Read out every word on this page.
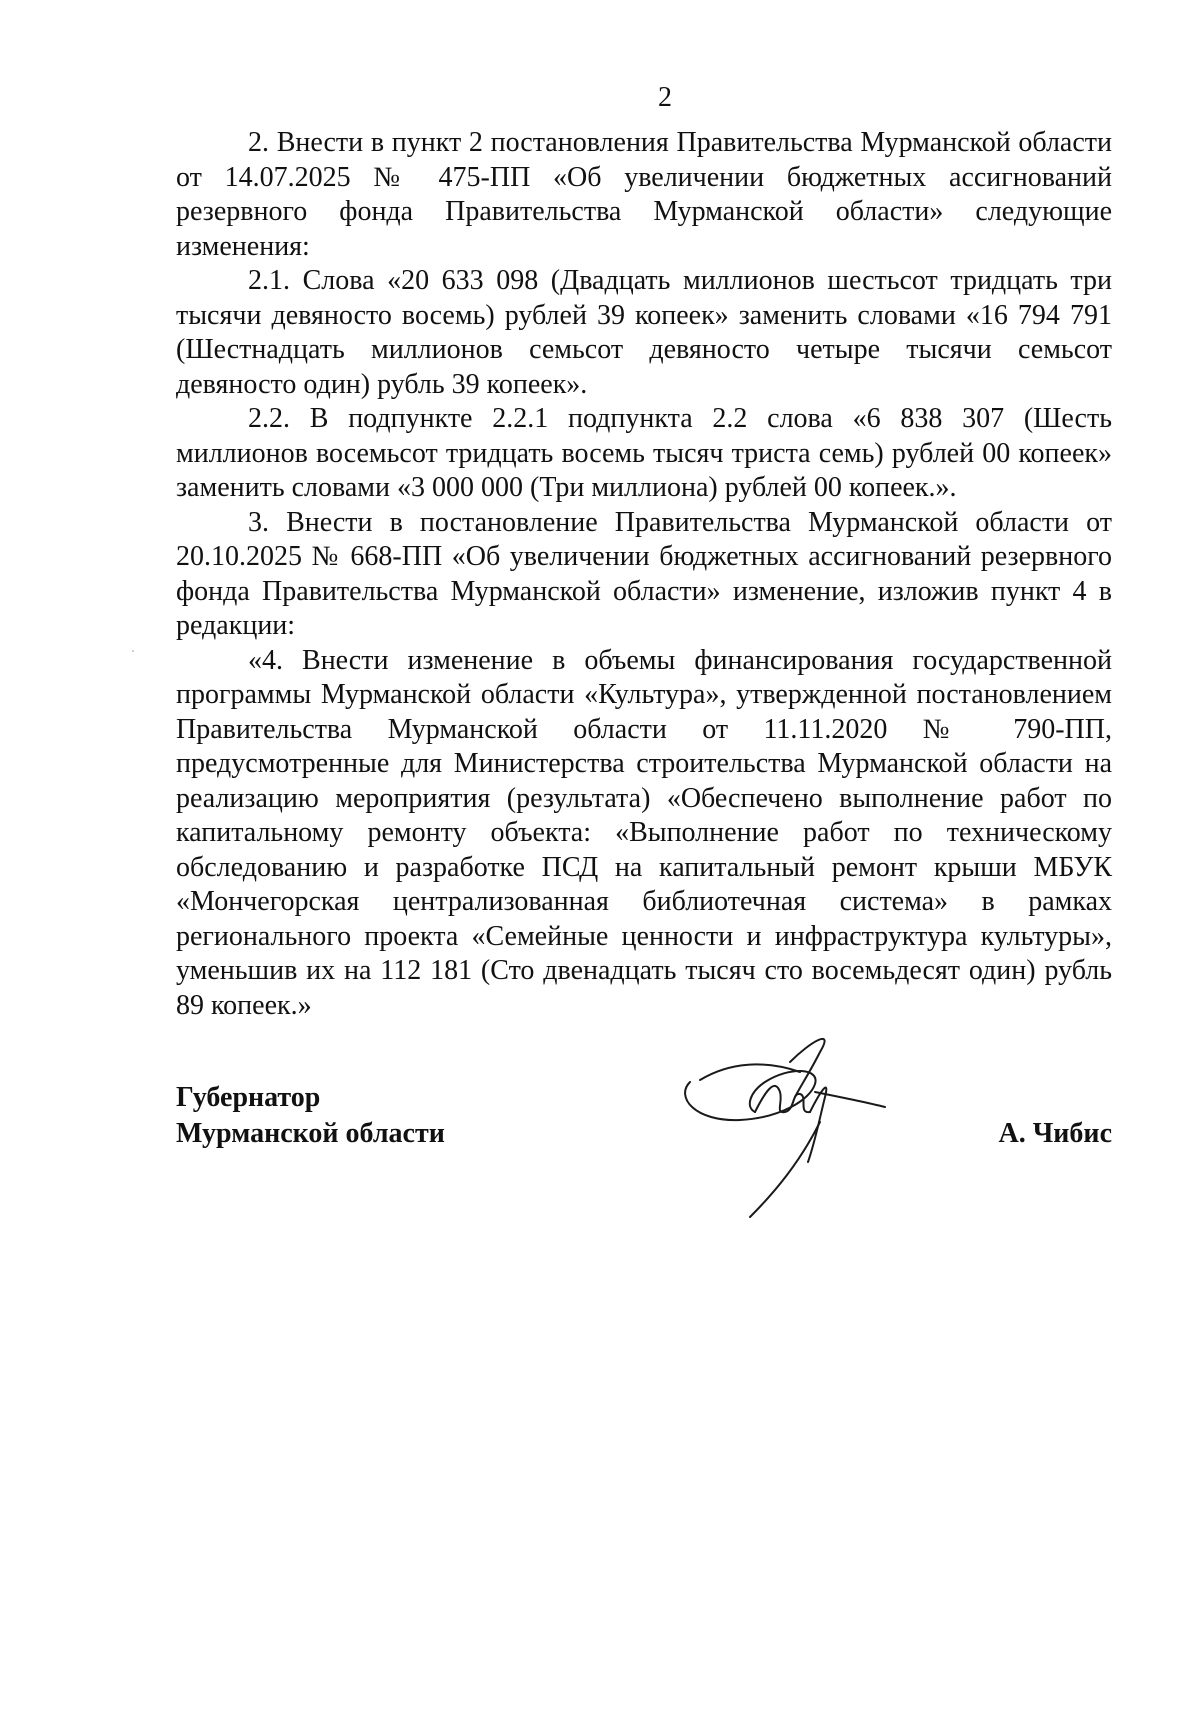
2

2. Внести в пункт 2 постановления Правительства Мурманской области от 14.07.2025 № 475-ПП «Об увеличении бюджетных ассигнований резервного фонда Правительства Мурманской области» следующие изменения:

2.1. Слова «20 633 098 (Двадцать миллионов шестьсот тридцать три тысячи девяносто восемь) рублей 39 копеек» заменить словами «16 794 791 (Шестнадцать миллионов семьсот девяносто четыре тысячи семьсот девяносто один) рубль 39 копеек».

2.2. В подпункте 2.2.1 подпункта 2.2 слова «6 838 307 (Шесть миллионов восемьсот тридцать восемь тысяч триста семь) рублей 00 копеек» заменить словами «3 000 000 (Три миллиона) рублей 00 копеек.».

3. Внести в постановление Правительства Мурманской области от 20.10.2025 № 668-ПП «Об увеличении бюджетных ассигнований резервного фонда Правительства Мурманской области» изменение, изложив пункт 4 в редакции:

«4. Внести изменение в объемы финансирования государственной программы Мурманской области «Культура», утвержденной постановлением Правительства Мурманской области от 11.11.2020 № 790-ПП, предусмотренные для Министерства строительства Мурманской области на реализацию мероприятия (результата) «Обеспечено выполнение работ по капитальному ремонту объекта: «Выполнение работ по техническому обследованию и разработке ПСД на капитальный ремонт крыши МБУК «Мончегорская централизованная библиотечная система» в рамках регионального проекта «Семейные ценности и инфраструктура культуры», уменьшив их на 112 181 (Сто двенадцать тысяч сто восемьдесят один) рубль 89 копеек.»

Губернатор
Мурманской области	А. Чибис
